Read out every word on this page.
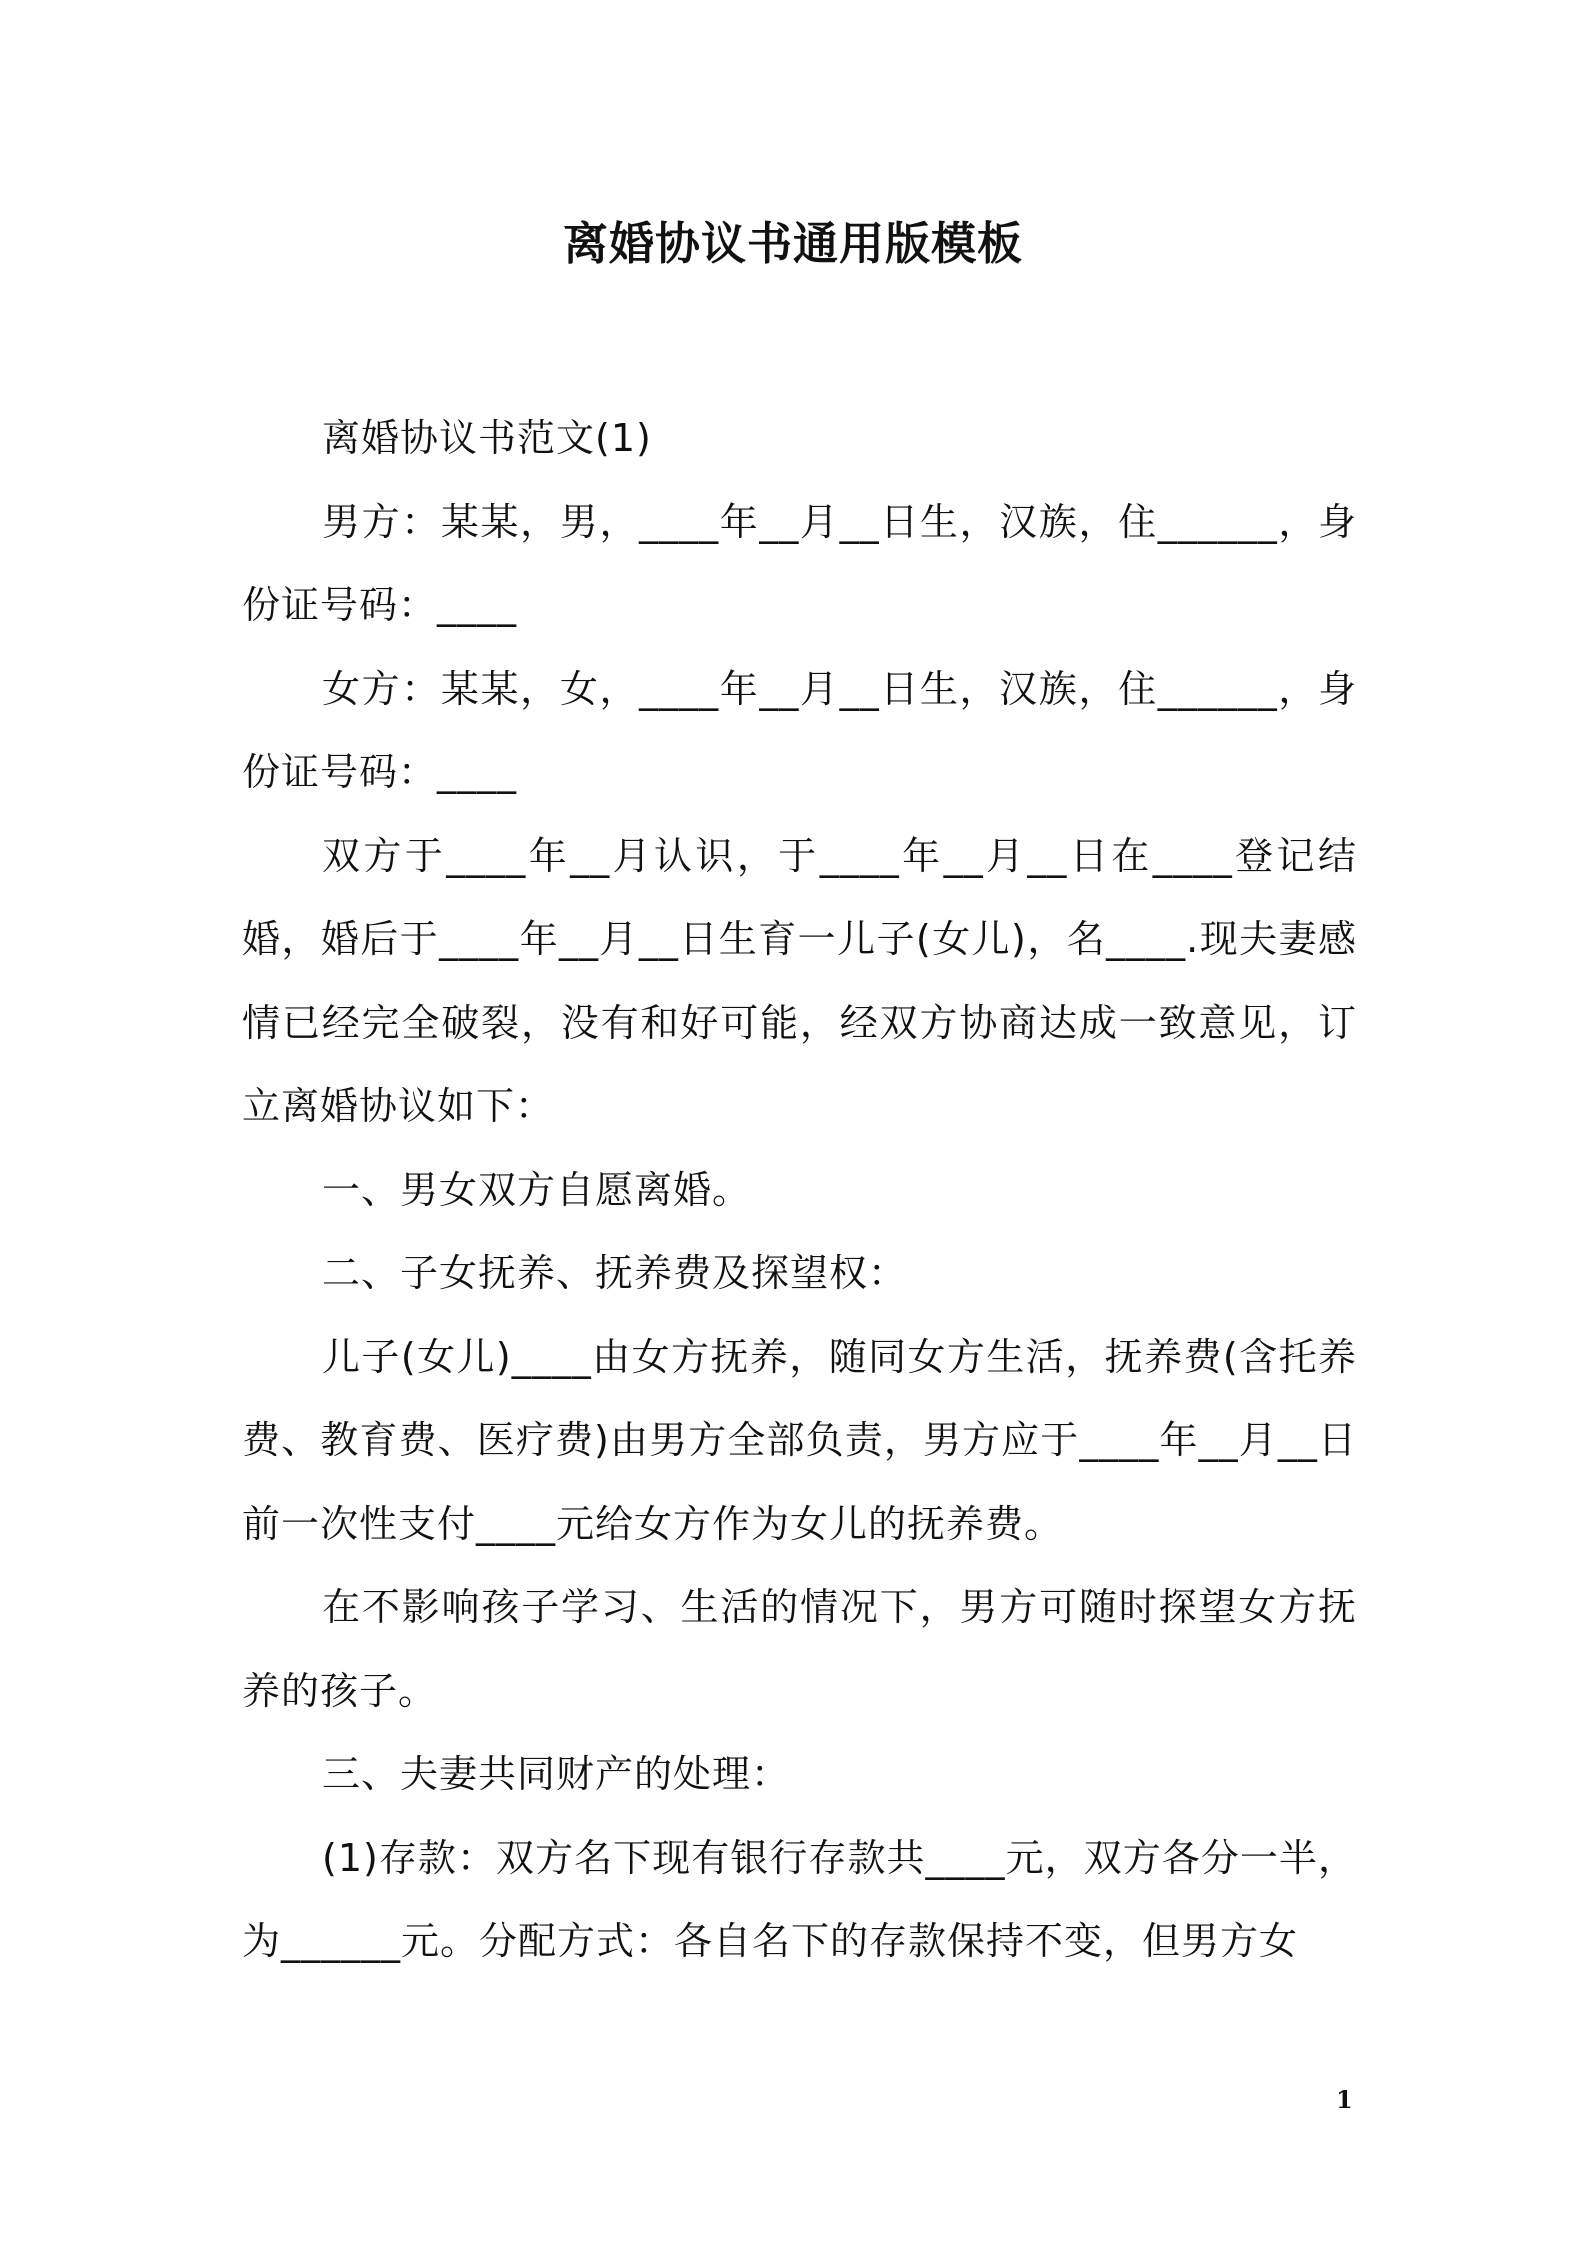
离婚协议书通用版模板

离婚协议书范文(1)

男方：某某，男，____年__月__日生，汉族，住______，身份证号码：____

女方：某某，女，____年__月__日生，汉族，住______，身份证号码：____

双方于____年__月认识，于____年__月__日在____登记结婚，婚后于____年__月__日生育一儿子(女儿)，名____.现夫妻感情已经完全破裂，没有和好可能，经双方协商达成一致意见，订立离婚协议如下：

一、男女双方自愿离婚。

二、子女抚养、抚养费及探望权：

儿子(女儿)____由女方抚养，随同女方生活，抚养费(含托养费、教育费、医疗费)由男方全部负责，男方应于____年__月__日前一次性支付____元给女方作为女儿的抚养费。

在不影响孩子学习、生活的情况下，男方可随时探望女方抚养的孩子。

三、夫妻共同财产的处理：

(1)存款：双方名下现有银行存款共____元，双方各分一半，为______元。分配方式：各自名下的存款保持不变，但男方女

1
